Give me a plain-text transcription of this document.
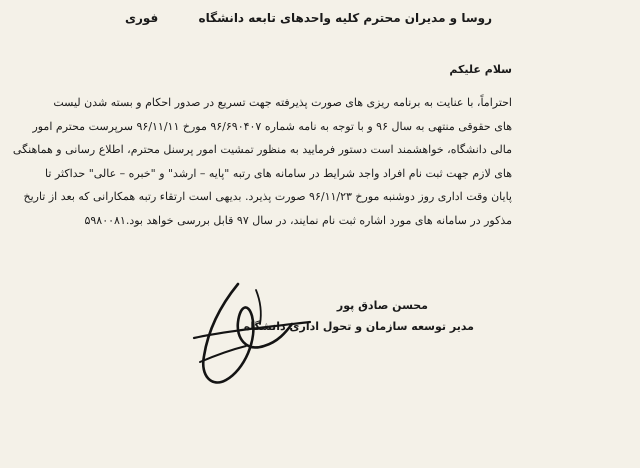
روسا و مدیران محترم کلیه واحدهای تابعه دانشگاه
فوری
سلام علیکم
احتراماً، با عنایت به برنامه ریزی های صورت پذیرفته جهت تسریع در صدور احکام و بسته شدن لیست
های حقوقی منتهی به سال ۹۶ و با توجه به نامه شماره ۹۶/۶۹۰۴۰۷ مورخ ۹۶/۱۱/۱۱ سرپرست محترم امور
مالی دانشگاه، خواهشمند است دستور فرمایید به منظور تمشیت امور پرسنل محترم، اطلاع رسانی و هماهنگی
های لازم جهت ثبت نام افراد واجد شرایط در سامانه های رتبه "پایه – ارشد" و "خبره – عالی" حداکثر تا
پایان وقت اداری روز دوشنبه مورخ ۹۶/۱۱/۲۳ صورت پذیرد. بدیهی است ارتقاء رتبه همکارانی که بعد از تاریخ
مذکور در سامانه های مورد اشاره ثبت نام نمایند، در سال ۹۷ قابل بررسی خواهد بود.۵۹۸۰۰۸۱
محسن صادق پور
مدیر توسعه سازمان و تحول اداری دانشگاه
